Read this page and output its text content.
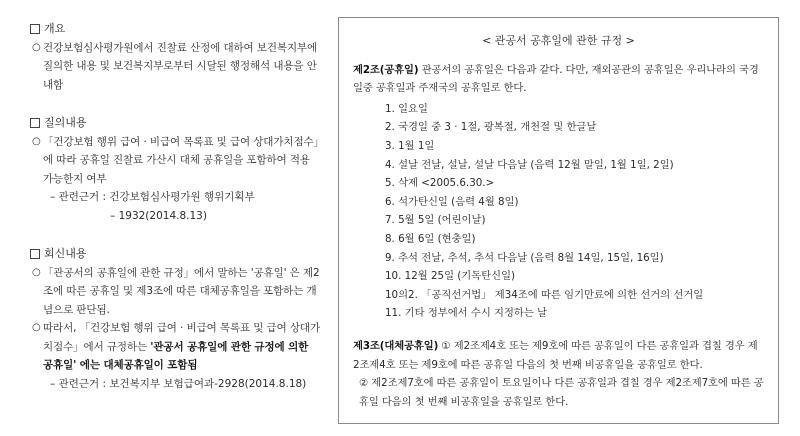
개요
○ 건강보험심사평가원에서 진찰료 산정에 대하여 보건복지부에 질의한 내용 및 보건복지부로부터 시달된 행정해석 내용을 안내함
질의내용
○ 「건강보험 행위 급여 · 비급여 목록표 및 급여 상대가치점수」에 따라 공휴일 진찰료 가산시 대체 공휴일을 포함하여 적용 가능한지 여부
– 관련근거 : 건강보험심사평가원 행위기획부
– 1932(2014.8.13)
회신내용
○ 「관공서의 공휴일에 관한 규정」에서 말하는 '공휴일' 은 제2조에 따른 공휴일 및 제3조에 따른 대체공휴일을 포함하는 개념으로 판단됨.
○ 따라서, 「건강보험 행위 급여 · 비급여 목록표 및 급여 상대가치점수」에서 규정하는 '관공서 공휴일에 관한 규정에 의한 공휴일' 에는 대체공휴일이 포함됨
– 관련근거 : 보건복지부 보험급여과-2928(2014.8.18)
< 관공서 공휴일에 관한 규정 >
제2조(공휴일) 관공서의 공휴일은 다음과 같다. 다만, 재외공관의 공휴일은 우리나라의 국경일중 공휴일과 주재국의 공휴일로 한다.
1. 일요일
2. 국경일 중 3 · 1절, 광복절, 개천절 및 한글날
3. 1월 1일
4. 설날 전날, 설날, 설날 다음날 (음력 12월 말일, 1월 1일, 2일)
5. 삭제 <2005.6.30.>
6. 석가탄신일 (음력 4월 8일)
7. 5월 5일 (어린이날)
8. 6월 6일 (현충일)
9. 추석 전날, 추석, 추석 다음날 (음력 8월 14일, 15일, 16일)
10. 12월 25일 (기독탄신일)
10의2. 「공직선거법」 제34조에 따른 임기만료에 의한 선거의 선거일
11. 기타 정부에서 수시 지정하는 날
제3조(대체공휴일) ① 제2조제4호 또는 제9호에 따른 공휴일이 다른 공휴일과 겹칠 경우 제2조제4호 또는 제9호에 따른 공휴일 다음의 첫 번째 비공휴일을 공휴일로 한다.
② 제2조제7호에 따른 공휴일이 토요일이나 다른 공휴일과 겹칠 경우 제2조제7호에 따른 공휴일 다음의 첫 번째 비공휴일을 공휴일로 한다.
